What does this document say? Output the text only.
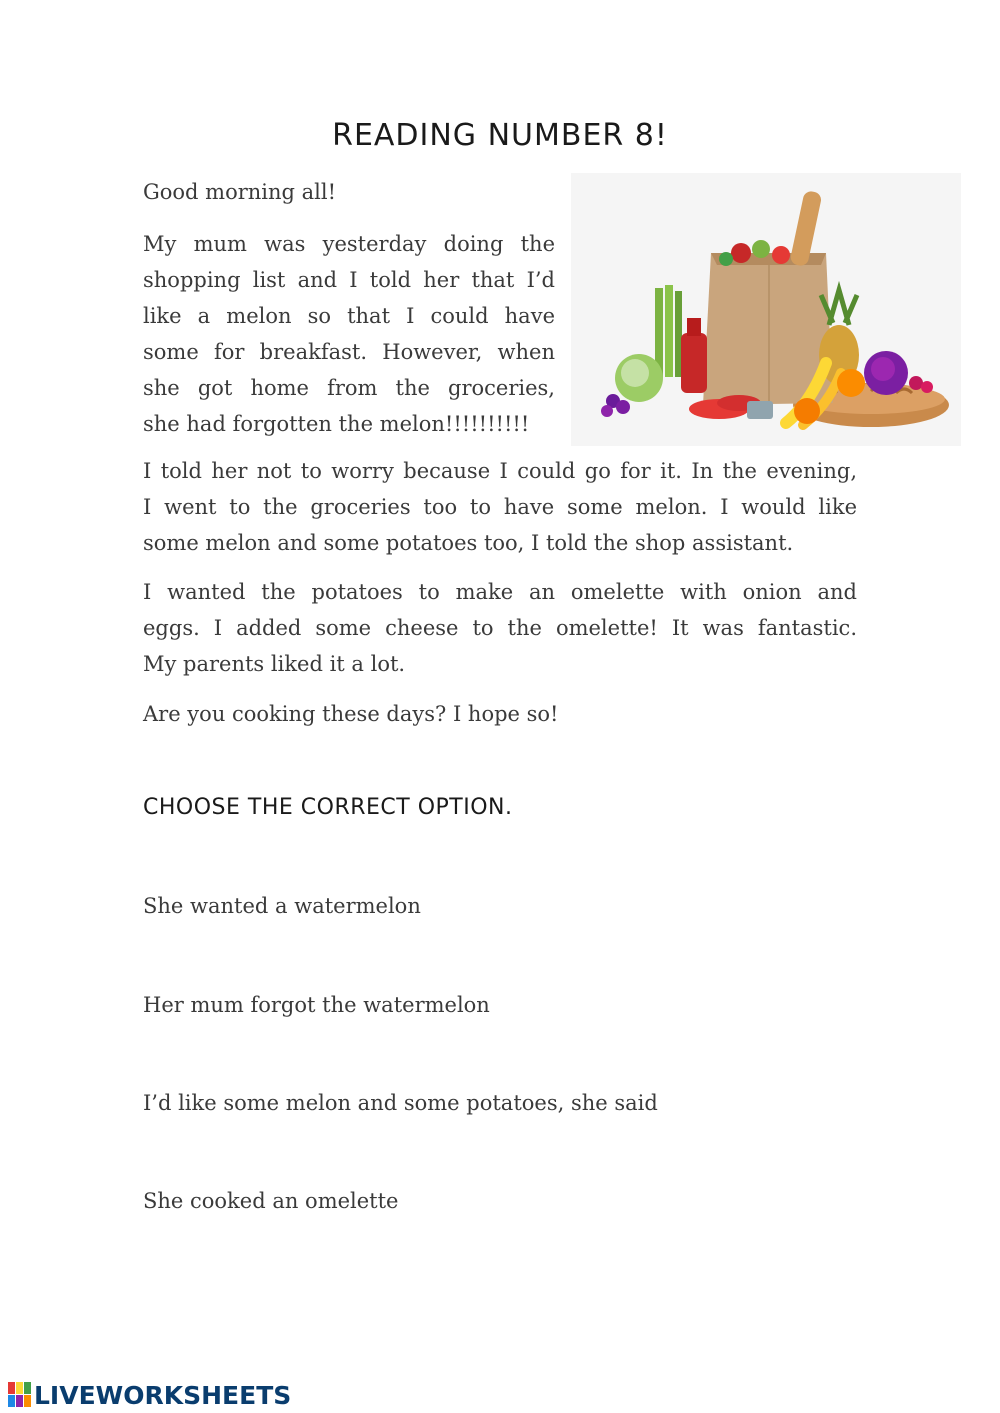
READING NUMBER 8!
Good morning all!
My mum was yesterday doing the
shopping list and I told her that I’d
like a melon so that I could have
some for breakfast. However, when
she got home from the groceries,
she had forgotten the melon!!!!!!!!!!
I told her not to worry because I could go for it. In the evening,
I went to the groceries too to have some melon. I would like
some melon and some potatoes too, I told the shop assistant.
I wanted the potatoes to make an omelette with onion and
eggs. I added some cheese to the omelette! It was fantastic.
My parents liked it a lot.
Are you cooking these days? I hope so!
CHOOSE THE CORRECT OPTION.
She wanted a watermelon
Her mum forgot the watermelon
I’d like some melon and some potatoes, she said
She cooked an omelette
LIVEWORKSHEETS
